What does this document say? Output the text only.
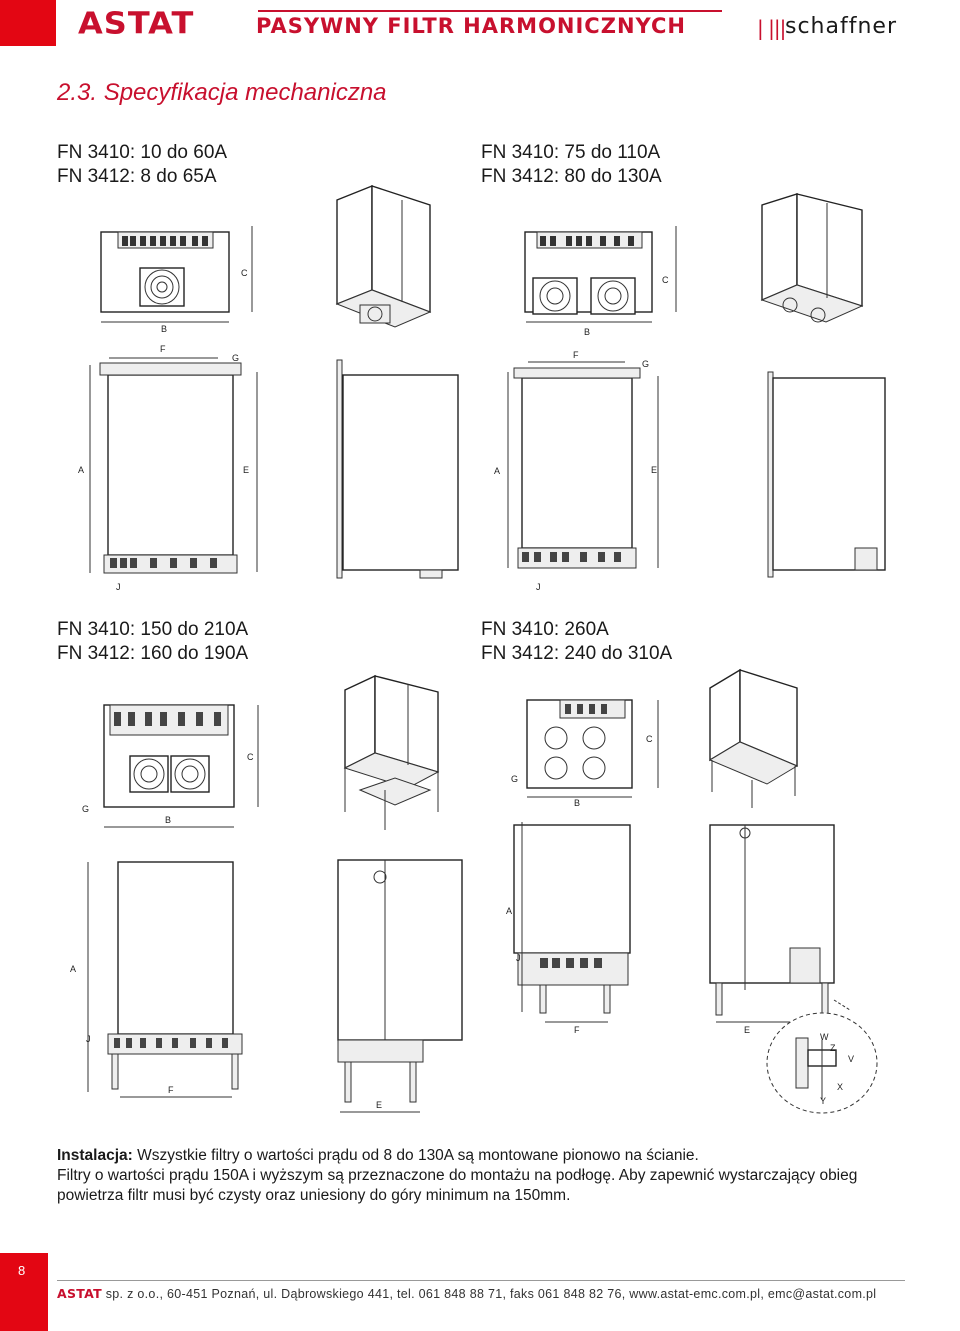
ASTAT	PASYWNY FILTR HARMONICZNYCH	| ||| schaffner
2.3. Specyfikacja mechaniczna
FN 3410: 10 do 60A
FN 3412: 8 do 65A
FN 3410: 75 do 110A
FN 3412: 80 do 130A
FN 3410: 150 do 210A
FN 3412: 160 do 190A
FN 3410: 260A
FN 3412: 240 do 310A
B
C
A	E
F
G
J
B
C
A	E
F
G
J
B
C
G
A
F
J
E
B
C
G
A
F
J
E
W
Z
V
X
Y
Instalacja: Wszystkie filtry o wartości prądu od 8 do 130A są montowane pionowo na ścianie.
Filtry o wartości prądu 150A i wyższym są przeznaczone do montażu na podłogę. Aby zapewnić wystarczający obieg powietrza filtr musi być czysty oraz uniesiony do góry minimum na 150mm.
8
ASTAT sp. z o.o., 60-451 Poznań, ul. Dąbrowskiego 441, tel. 061 848 88 71, faks 061 848 82 76, www.astat-emc.com.pl, emc@astat.com.pl
